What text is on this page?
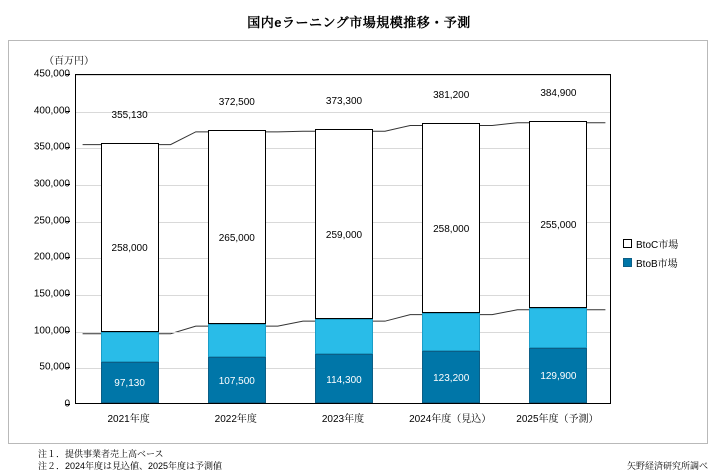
国内eラーニング市場規模推移・予測
（百万円）
0
50,000
100,000
150,000
200,000
250,000
300,000
350,000
400,000
450,000
355,130
258,000
97,130
372,500
265,000
107,500
373,300
259,000
114,300
381,200
258,000
123,200
384,900
255,000
129,900
2021年度	2022年度	2023年度	2024年度（見込）	2025年度（予測）
BtoC市場
BtoB市場
注１．提供事業者売上高ベース
注２．2024年度は見込値、2025年度は予測値	矢野経済研究所調べ
